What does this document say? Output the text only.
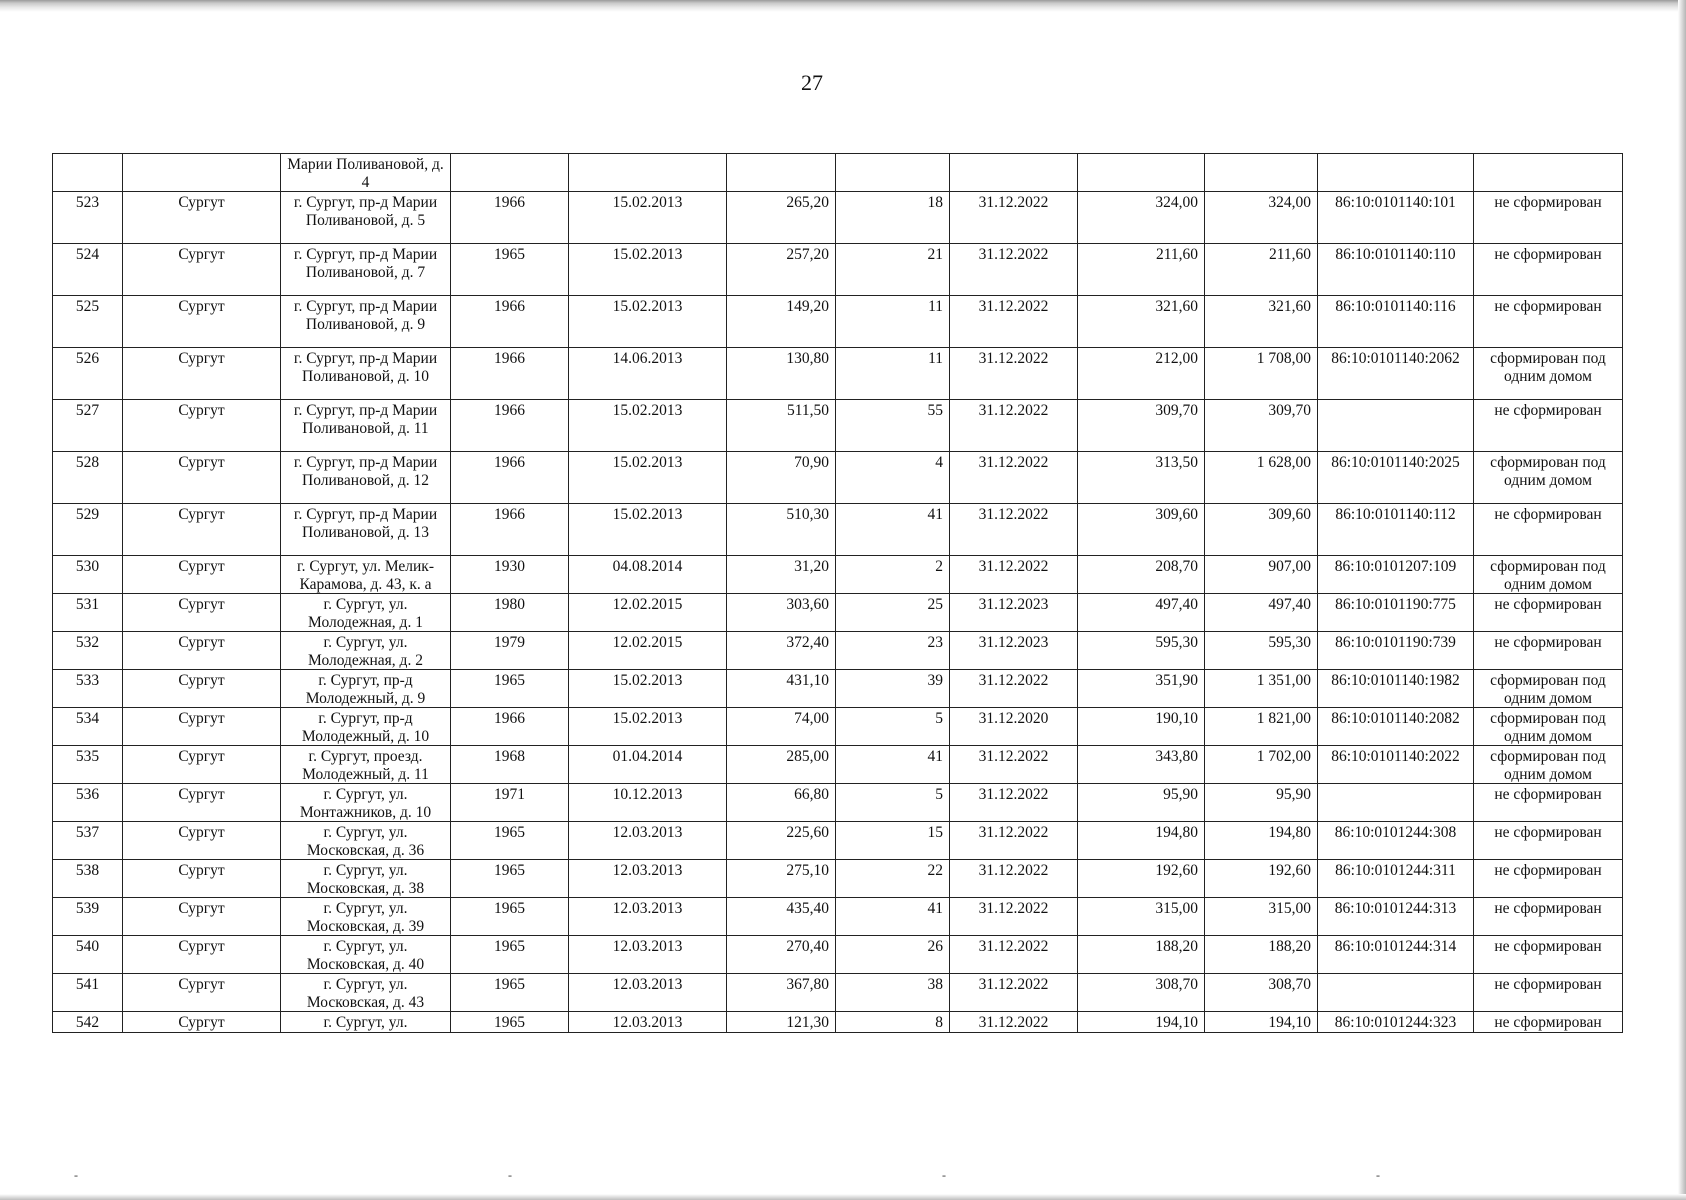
27
		Марии Поливановой, д. 4									
523	Сургут	г. Сургут, пр-д Марии Поливановой, д. 5	1966	15.02.2013	265,20	18	31.12.2022	324,00	324,00	86:10:0101140:101	не сформирован
524	Сургут	г. Сургут, пр-д Марии Поливановой, д. 7	1965	15.02.2013	257,20	21	31.12.2022	211,60	211,60	86:10:0101140:110	не сформирован
525	Сургут	г. Сургут, пр-д Марии Поливановой, д. 9	1966	15.02.2013	149,20	11	31.12.2022	321,60	321,60	86:10:0101140:116	не сформирован
526	Сургут	г. Сургут, пр-д Марии Поливановой, д. 10	1966	14.06.2013	130,80	11	31.12.2022	212,00	1 708,00	86:10:0101140:2062	сформирован под одним домом
527	Сургут	г. Сургут, пр-д Марии Поливановой, д. 11	1966	15.02.2013	511,50	55	31.12.2022	309,70	309,70		не сформирован
528	Сургут	г. Сургут, пр-д Марии Поливановой, д. 12	1966	15.02.2013	70,90	4	31.12.2022	313,50	1 628,00	86:10:0101140:2025	сформирован под одним домом
529	Сургут	г. Сургут, пр-д Марии Поливановой, д. 13	1966	15.02.2013	510,30	41	31.12.2022	309,60	309,60	86:10:0101140:112	не сформирован
530	Сургут	г. Сургут, ул. Мелик-Карамова, д. 43, к. а	1930	04.08.2014	31,20	2	31.12.2022	208,70	907,00	86:10:0101207:109	сформирован под одним домом
531	Сургут	г. Сургут, ул. Молодежная, д. 1	1980	12.02.2015	303,60	25	31.12.2023	497,40	497,40	86:10:0101190:775	не сформирован
532	Сургут	г. Сургут, ул. Молодежная, д. 2	1979	12.02.2015	372,40	23	31.12.2023	595,30	595,30	86:10:0101190:739	не сформирован
533	Сургут	г. Сургут, пр-д Молодежный, д. 9	1965	15.02.2013	431,10	39	31.12.2022	351,90	1 351,00	86:10:0101140:1982	сформирован под одним домом
534	Сургут	г. Сургут, пр-д Молодежный, д. 10	1966	15.02.2013	74,00	5	31.12.2020	190,10	1 821,00	86:10:0101140:2082	сформирован под одним домом
535	Сургут	г. Сургут, проезд. Молодежный, д. 11	1968	01.04.2014	285,00	41	31.12.2022	343,80	1 702,00	86:10:0101140:2022	сформирован под одним домом
536	Сургут	г. Сургут, ул. Монтажников, д. 10	1971	10.12.2013	66,80	5	31.12.2022	95,90	95,90		не сформирован
537	Сургут	г. Сургут, ул. Московская, д. 36	1965	12.03.2013	225,60	15	31.12.2022	194,80	194,80	86:10:0101244:308	не сформирован
538	Сургут	г. Сургут, ул. Московская, д. 38	1965	12.03.2013	275,10	22	31.12.2022	192,60	192,60	86:10:0101244:311	не сформирован
539	Сургут	г. Сургут, ул. Московская, д. 39	1965	12.03.2013	435,40	41	31.12.2022	315,00	315,00	86:10:0101244:313	не сформирован
540	Сургут	г. Сургут, ул. Московская, д. 40	1965	12.03.2013	270,40	26	31.12.2022	188,20	188,20	86:10:0101244:314	не сформирован
541	Сургут	г. Сургут, ул. Московская, д. 43	1965	12.03.2013	367,80	38	31.12.2022	308,70	308,70		не сформирован
542	Сургут	г. Сургут, ул.	1965	12.03.2013	121,30	8	31.12.2022	194,10	194,10	86:10:0101244:323	не сформирован
-	-	-	-
